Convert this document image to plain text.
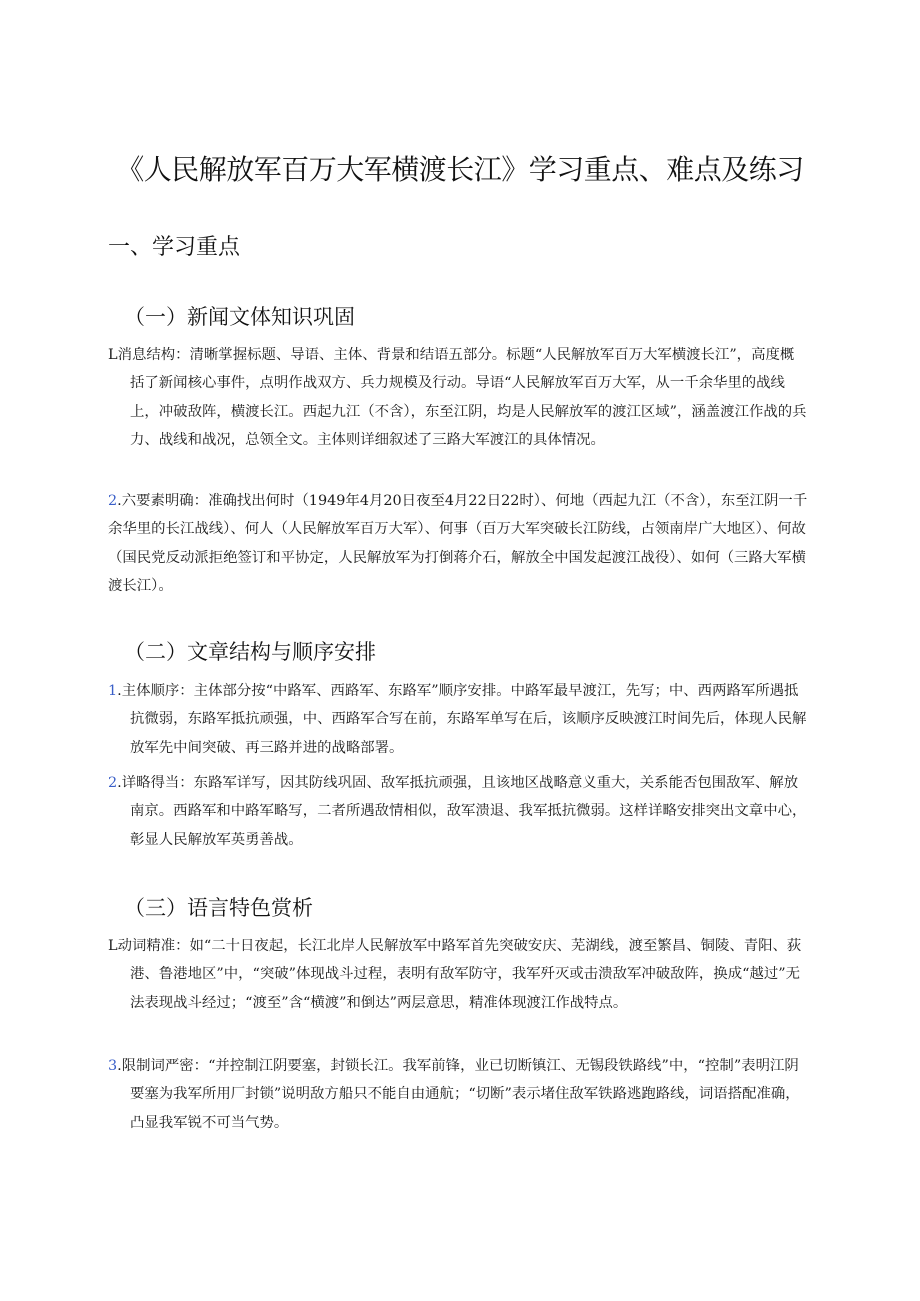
《人民解放军百万大军横渡长江》学习重点、难点及练习
一、学习重点
（一）新闻文体知识巩固
L消息结构：清晰掌握标题、导语、主体、背景和结语五部分。标题“人民解放军百万大军横渡长江”，高度概括了新闻核心事件，点明作战双方、兵力规模及行动。导语“人民解放军百万大军，从一千余华里的战线上，冲破敌阵，横渡长江。西起九江（不含），东至江阴，均是人民解放军的渡江区域”，涵盖渡江作战的兵力、战线和战况，总领全文。主体则详细叙述了三路大军渡江的具体情况。
2.六要素明确：准确找出何时（1949年4月20日夜至4月22日22时）、何地（西起九江（不含），东至江阴一千余华里的长江战线）、何人（人民解放军百万大军）、何事（百万大军突破长江防线，占领南岸广大地区）、何故（国民党反动派拒绝签订和平协定，人民解放军为打倒蒋介石，解放全中国发起渡江战役）、如何（三路大军横渡长江）。
（二）文章结构与顺序安排
1.主体顺序：主体部分按“中路军、西路军、东路军”顺序安排。中路军最早渡江，先写；中、西两路军所遇抵抗微弱，东路军抵抗顽强，中、西路军合写在前，东路军单写在后，该顺序反映渡江时间先后，体现人民解放军先中间突破、再三路并进的战略部署。
2.详略得当：东路军详写，因其防线巩固、敌军抵抗顽强，且该地区战略意义重大，关系能否包围敌军、解放南京。西路军和中路军略写，二者所遇敌情相似，敌军溃退、我军抵抗微弱。这样详略安排突出文章中心，彰显人民解放军英勇善战。
（三）语言特色赏析
L动词精准：如“二十日夜起，长江北岸人民解放军中路军首先突破安庆、芜湖线，渡至繁昌、铜陵、青阳、荻港、鲁港地区”中，“突破”体现战斗过程，表明有敌军防守，我军歼灭或击溃敌军冲破敌阵，换成“越过”无法表现战斗经过；“渡至”含“横渡”和倒达”两层意思，精准体现渡江作战特点。
3.限制词严密：“并控制江阴要塞，封锁长江。我军前锋，业已切断镇江、无锡段铁路线”中，“控制”表明江阴要塞为我军所用厂封锁”说明敌方船只不能自由通航；“切断”表示堵住敌军铁路逃跑路线，词语搭配准确，凸显我军锐不可当气势。
